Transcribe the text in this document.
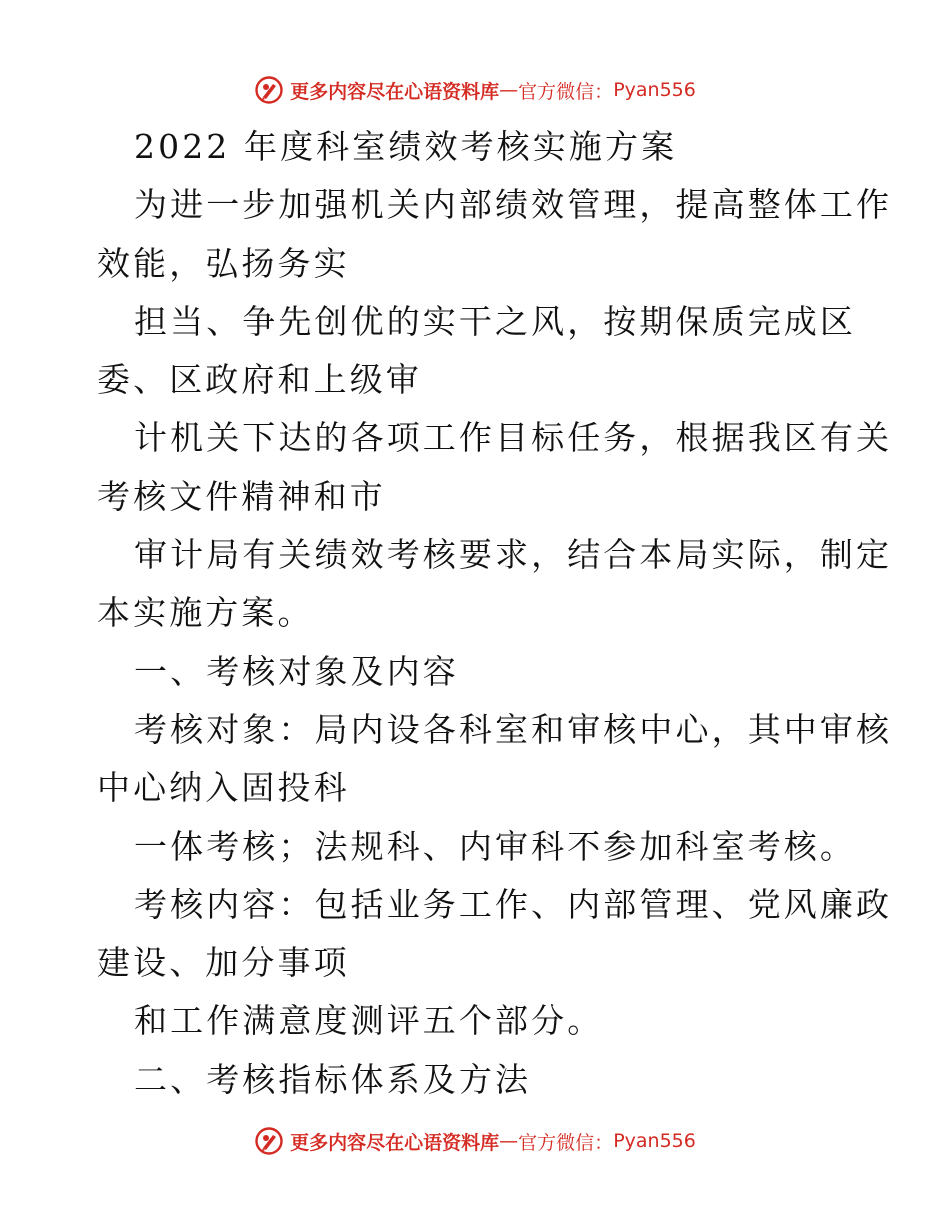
更多内容尽在心语资料库 — 官方微信： Pyan556
2022 年度科室绩效考核实施方案
为进一步加强机关内部绩效管理，提高整体工作
效能，弘扬务实
担当、争先创优的实干之风，按期保质完成区
委、区政府和上级审
计机关下达的各项工作目标任务，根据我区有关
考核文件精神和市
审计局有关绩效考核要求，结合本局实际，制定
本实施方案。
一、考核对象及内容
考核对象：局内设各科室和审核中心，其中审核
中心纳入固投科
一体考核；法规科、内审科不参加科室考核。
考核内容：包括业务工作、内部管理、党风廉政
建设、加分事项
和工作满意度测评五个部分。
二、考核指标体系及方法
更多内容尽在心语资料库 — 官方微信： Pyan556
